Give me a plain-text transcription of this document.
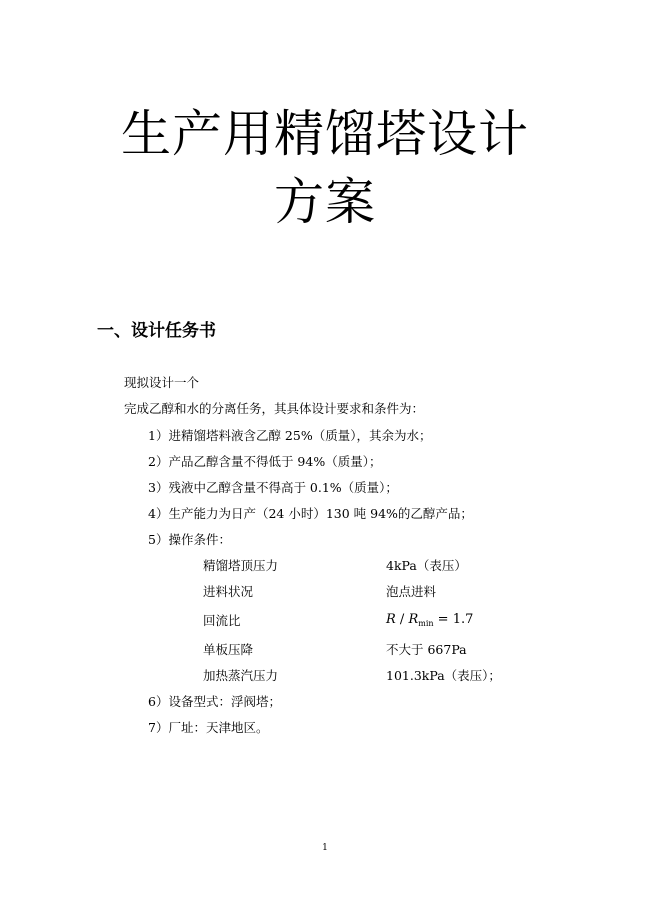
生产用精馏塔设计
方案
一、设计任务书
现拟设计一个
完成乙醇和水的分离任务，其具体设计要求和条件为：
1）进精馏塔料液含乙醇 25%（质量），其余为水；
2）产品乙醇含量不得低于 94%（质量）；
3）残液中乙醇含量不得高于 0.1%（质量）；
4）生产能力为日产（24 小时）130 吨 94%的乙醇产品；
5）操作条件：
精馏塔顶压力	4kPa（表压）
进料状况	泡点进料
回流比	$R / R_{min} = 1.7$
单板压降	不大于 667Pa
加热蒸汽压力	101.3kPa（表压）；
6）设备型式：浮阀塔；
7）厂址：天津地区。
1
